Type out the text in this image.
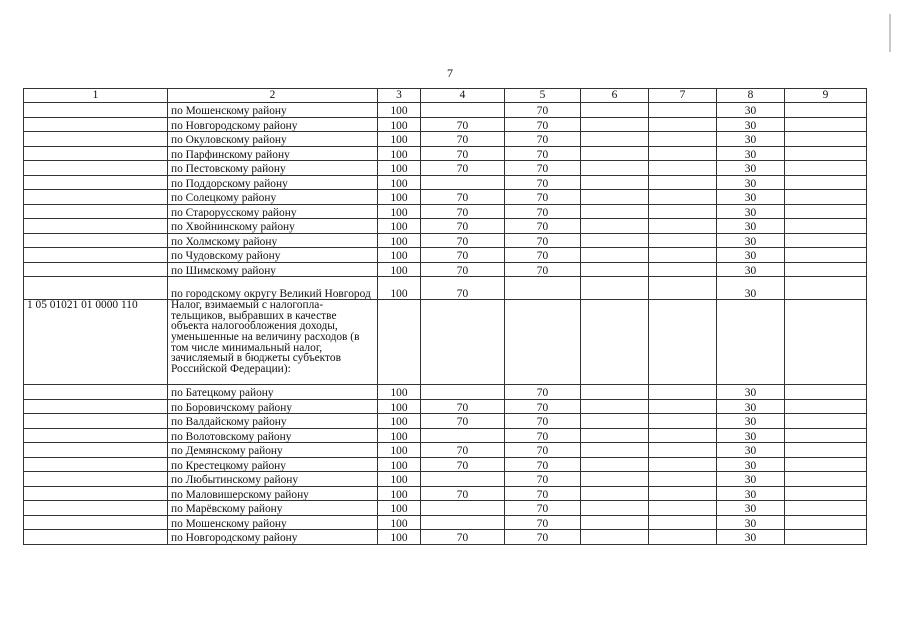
7
1	2	3	4	5	6	7	8	9
	по Мошенскому району	100		70			30	
	по Новгородскому району	100	70	70			30	
	по Окуловскому району	100	70	70			30	
	по Парфинскому району	100	70	70			30	
	по Пестовскому району	100	70	70			30	
	по Поддорскому району	100		70			30	
	по Солецкому району	100	70	70			30	
	по Старорусскому району	100	70	70			30	
	по Хвойнинскому району	100	70	70			30	
	по Холмскому району	100	70	70			30	
	по Чудовскому району	100	70	70			30	
	по Шимскому району	100	70	70			30	
	по городскому округу Великий Новгород	100	70				30	
1 05 01021 01 0000 110	Налог, взимаемый с налогопла-тельщиков, выбравших в качестве объекта налогообложения доходы, уменьшенные на величину расходов (в том числе минимальный налог, зачисляемый в бюджеты субъектов Российской Федерации):							
	по Батецкому району	100		70			30	
	по Боровичскому району	100	70	70			30	
	по Валдайскому району	100	70	70			30	
	по Волотовскому району	100		70			30	
	по Демянскому району	100	70	70			30	
	по Крестецкому району	100	70	70			30	
	по Любытинскому району	100		70			30	
	по Маловишерскому району	100	70	70			30	
	по Марёвскому району	100		70			30	
	по Мошенскому району	100		70			30	
	по Новгородскому району	100	70	70			30	
